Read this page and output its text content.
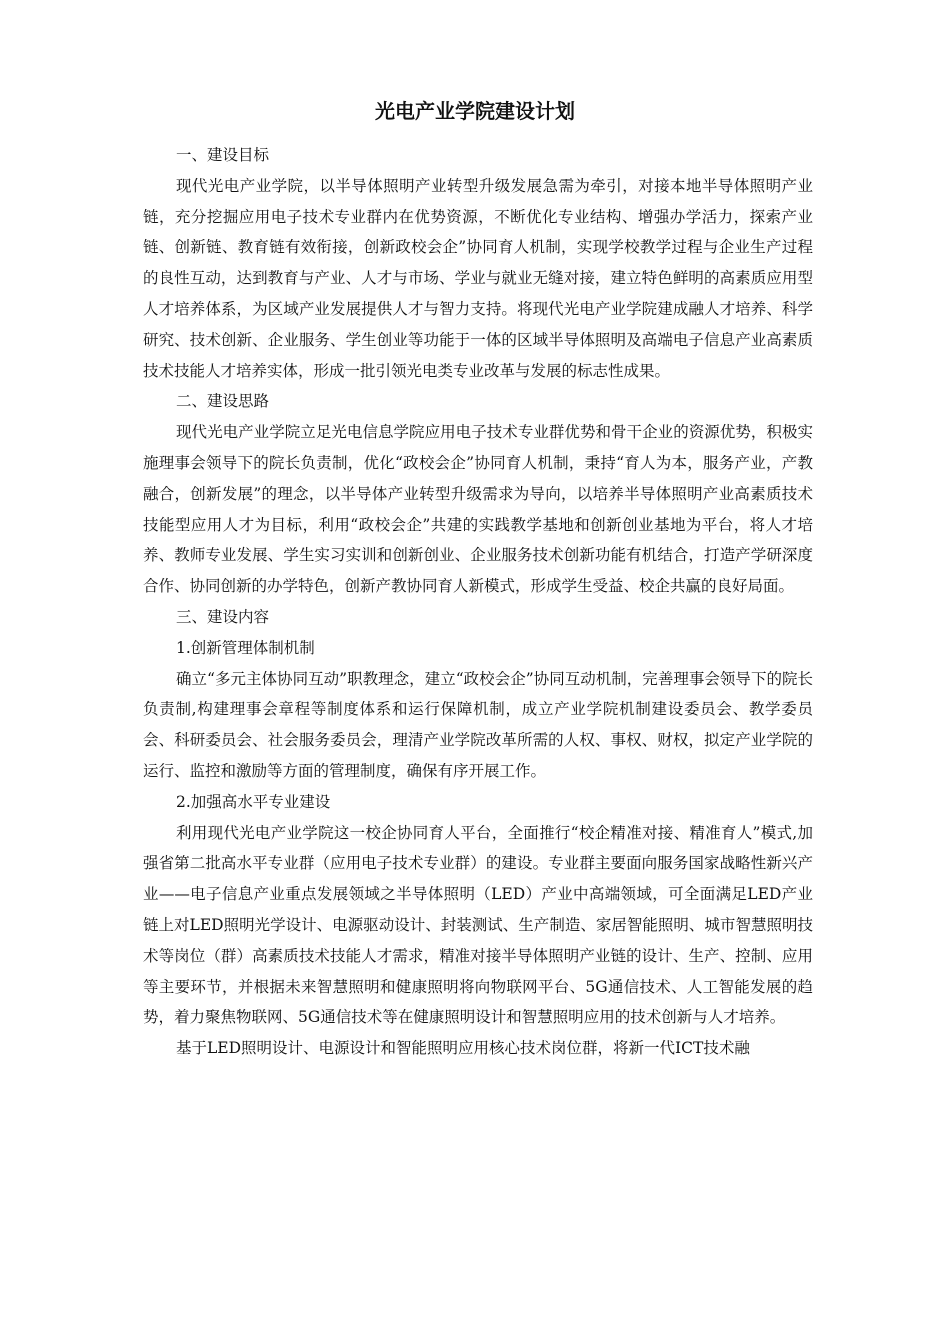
光电产业学院建设计划

一、建设目标

现代光电产业学院，以半导体照明产业转型升级发展急需为牵引，对接本地半导体照明产业链，充分挖掘应用电子技术专业群内在优势资源，不断优化专业结构、增强办学活力，探索产业链、创新链、教育链有效衔接，创新政校会企”协同育人机制，实现学校教学过程与企业生产过程的良性互动，达到教育与产业、人才与市场、学业与就业无缝对接，建立特色鲜明的高素质应用型人才培养体系，为区域产业发展提供人才与智力支持。将现代光电产业学院建成融人才培养、科学研究、技术创新、企业服务、学生创业等功能于一体的区域半导体照明及高端电子信息产业高素质技术技能人才培养实体，形成一批引领光电类专业改革与发展的标志性成果。

二、建设思路

现代光电产业学院立足光电信息学院应用电子技术专业群优势和骨干企业的资源优势，积极实施理事会领导下的院长负责制，优化“政校会企”协同育人机制，秉持“育人为本，服务产业，产教融合，创新发展”的理念，以半导体产业转型升级需求为导向，以培养半导体照明产业高素质技术技能型应用人才为目标，利用“政校会企”共建的实践教学基地和创新创业基地为平台，将人才培养、教师专业发展、学生实习实训和创新创业、企业服务技术创新功能有机结合，打造产学研深度合作、协同创新的办学特色，创新产教协同育人新模式，形成学生受益、校企共赢的良好局面。

三、建设内容

1.创新管理体制机制

确立“多元主体协同互动”职教理念，建立“政校会企”协同互动机制，完善理事会领导下的院长负责制,构建理事会章程等制度体系和运行保障机制，成立产业学院机制建设委员会、教学委员会、科研委员会、社会服务委员会，理清产业学院改革所需的人权、事权、财权，拟定产业学院的运行、监控和激励等方面的管理制度，确保有序开展工作。

2.加强高水平专业建设

利用现代光电产业学院这一校企协同育人平台，全面推行“校企精准对接、精准育人”模式,加强省第二批高水平专业群（应用电子技术专业群）的建设。专业群主要面向服务国家战略性新兴产业——电子信息产业重点发展领域之半导体照明（LED）产业中高端领域，可全面满足LED产业链上对LED照明光学设计、电源驱动设计、封装测试、生产制造、家居智能照明、城市智慧照明技术等岗位（群）高素质技术技能人才需求，精准对接半导体照明产业链的设计、生产、控制、应用等主要环节，并根据未来智慧照明和健康照明将向物联网平台、5G通信技术、人工智能发展的趋势，着力聚焦物联网、5G通信技术等在健康照明设计和智慧照明应用的技术创新与人才培养。

基于LED照明设计、电源设计和智能照明应用核心技术岗位群，将新一代ICT技术融
